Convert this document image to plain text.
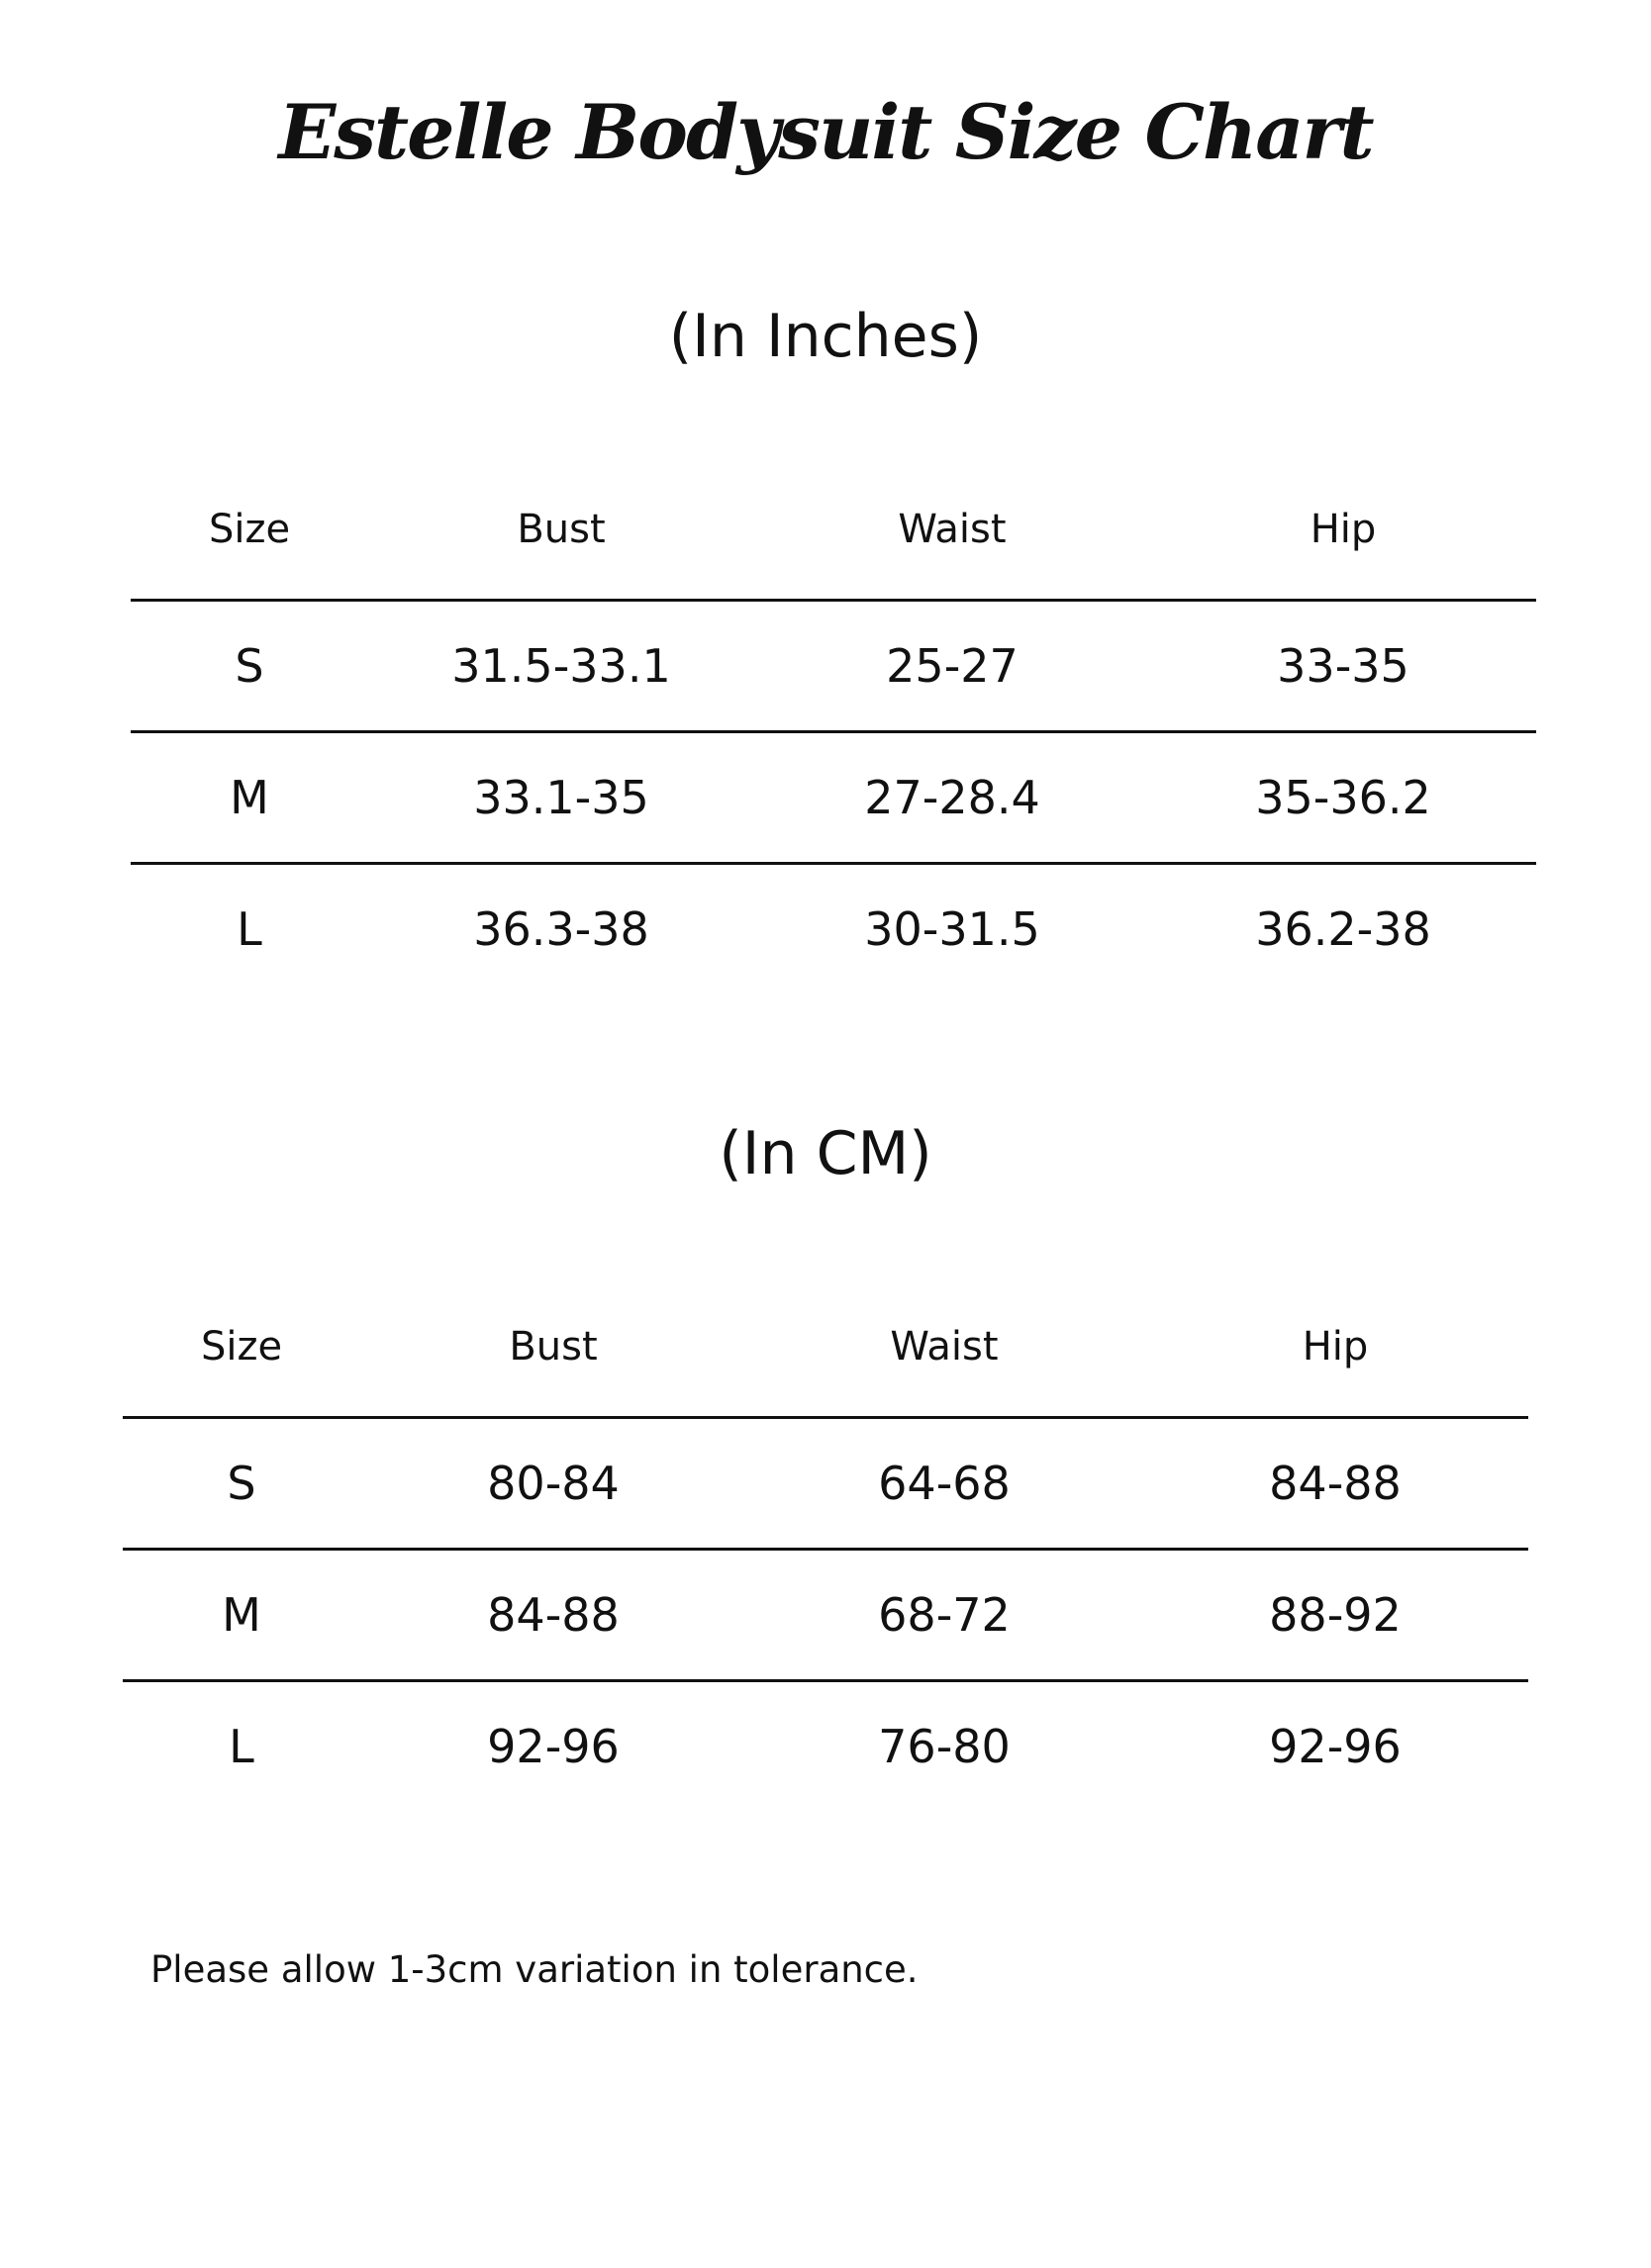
Estelle Bodysuit Size Chart
(In Inches)
Size	Bust	Waist	Hip
S	31.5-33.1	25-27	33-35
M	33.1-35	27-28.4	35-36.2
L	36.3-38	30-31.5	36.2-38
(In CM)
Size	Bust	Waist	Hip
S	80-84	64-68	84-88
M	84-88	68-72	88-92
L	92-96	76-80	92-96

Please allow 1-3cm variation in tolerance.
